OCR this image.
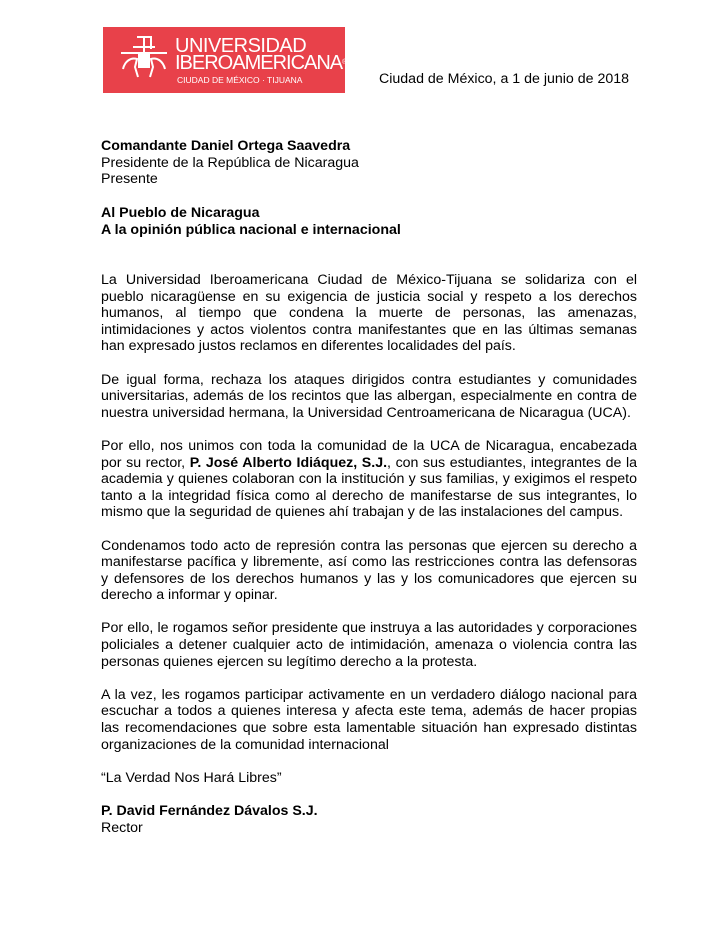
UNIVERSIDAD
IBEROAMERICANA®
CIUDAD DE MÉXICO · TIJUANA	Ciudad de México, a 1 de junio de 2018
Comandante Daniel Ortega Saavedra
Presidente de la República de Nicaragua
Presente
Al Pueblo de Nicaragua
A la opinión pública nacional e internacional

La Universidad Iberoamericana Ciudad de México-Tijuana se solidariza con el pueblo nicaragüense en su exigencia de justicia social y respeto a los derechos humanos, al tiempo que condena la muerte de personas, las amenazas, intimidaciones y actos violentos contra manifestantes que en las últimas semanas han expresado justos reclamos en diferentes localidades del país.

De igual forma, rechaza los ataques dirigidos contra estudiantes y comunidades universitarias, además de los recintos que las albergan, especialmente en contra de nuestra universidad hermana, la Universidad Centroamericana de Nicaragua (UCA).

Por ello, nos unimos con toda la comunidad de la UCA de Nicaragua, encabezada por su rector, P. José Alberto Idiáquez, S.J., con sus estudiantes, integrantes de la academia y quienes colaboran con la institución y sus familias, y exigimos el respeto tanto a la integridad física como al derecho de manifestarse de sus integrantes, lo mismo que la seguridad de quienes ahí trabajan y de las instalaciones del campus.

Condenamos todo acto de represión contra las personas que ejercen su derecho a manifestarse pacífica y libremente, así como las restricciones contra las defensoras y defensores de los derechos humanos y las y los comunicadores que ejercen su derecho a informar y opinar.

Por ello, le rogamos señor presidente que instruya a las autoridades y corporaciones policiales a detener cualquier acto de intimidación, amenaza o violencia contra las personas quienes ejercen su legítimo derecho a la protesta.

A la vez, les rogamos participar activamente en un verdadero diálogo nacional para escuchar a todos a quienes interesa y afecta este tema, además de hacer propias las recomendaciones que sobre esta lamentable situación han expresado distintas organizaciones de la comunidad internacional

“La Verdad Nos Hará Libres”

P. David Fernández Dávalos S.J.
Rector
